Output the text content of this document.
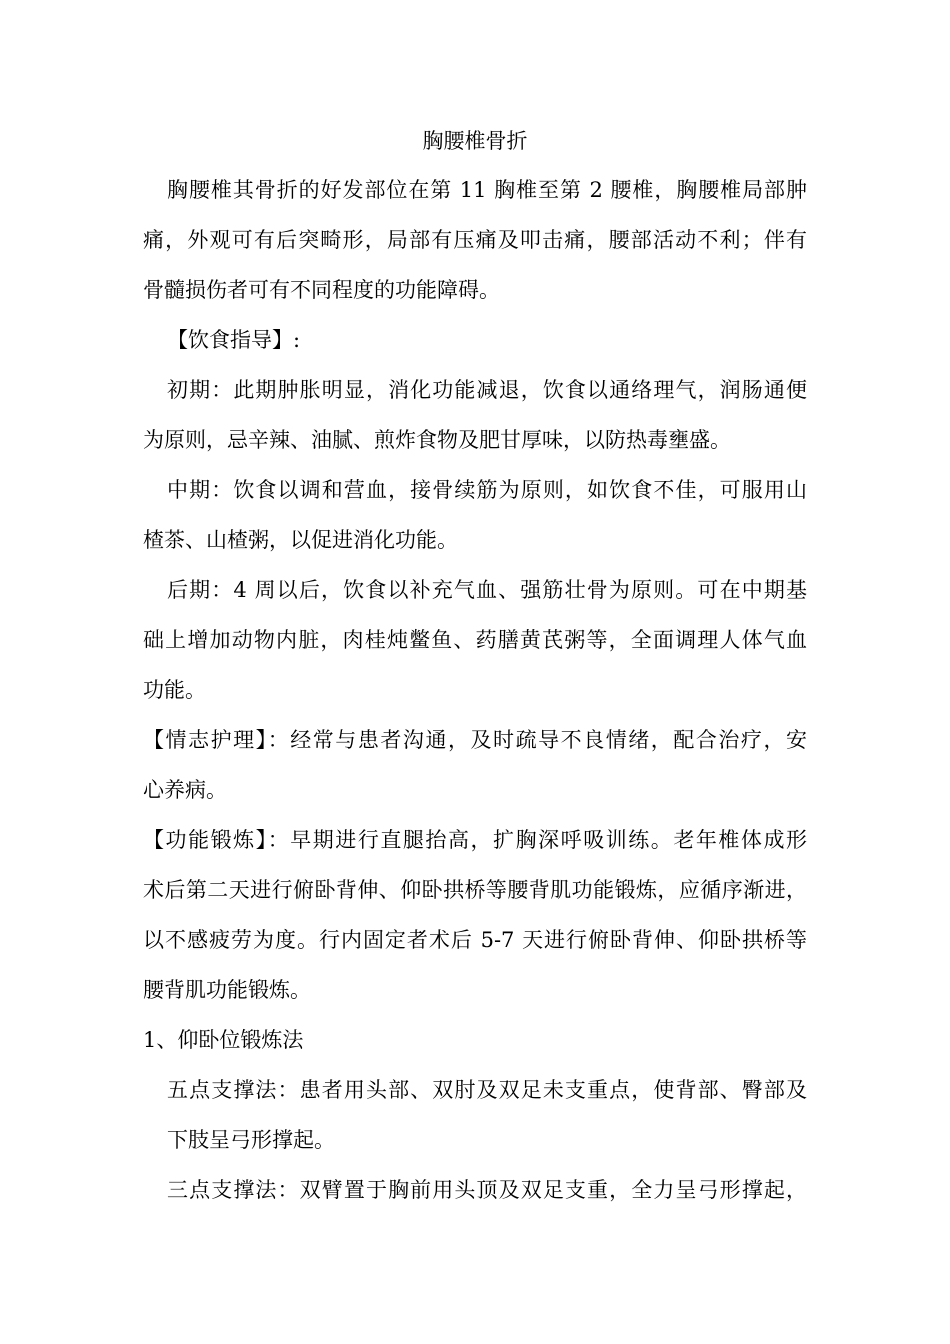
胸腰椎骨折
胸腰椎其骨折的好发部位在第 11 胸椎至第 2 腰椎，胸腰椎局部肿
痛，外观可有后突畸形，局部有压痛及叩击痛，腰部活动不利；伴有
骨髓损伤者可有不同程度的功能障碍。
【饮食指导】:
初期：此期肿胀明显，消化功能减退，饮食以通络理气，润肠通便
为原则，忌辛辣、油腻、煎炸食物及肥甘厚味，以防热毒壅盛。
中期：饮食以调和营血，接骨续筋为原则，如饮食不佳，可服用山
楂茶、山楂粥，以促进消化功能。
后期：4 周以后，饮食以补充气血、强筋壮骨为原则。可在中期基
础上增加动物内脏，肉桂炖鳖鱼、药膳黄芪粥等，全面调理人体气血
功能。
【情志护理】：经常与患者沟通，及时疏导不良情绪，配合治疗，安
心养病。
【功能锻炼】：早期进行直腿抬高，扩胸深呼吸训练。老年椎体成形
术后第二天进行俯卧背伸、仰卧拱桥等腰背肌功能锻炼，应循序渐进，
以不感疲劳为度。行内固定者术后 5-7 天进行俯卧背伸、仰卧拱桥等
腰背肌功能锻炼。
1、仰卧位锻炼法
五点支撑法：患者用头部、双肘及双足未支重点，使背部、臀部及
下肢呈弓形撑起。
三点支撑法：双臂置于胸前用头顶及双足支重，全力呈弓形撑起，
